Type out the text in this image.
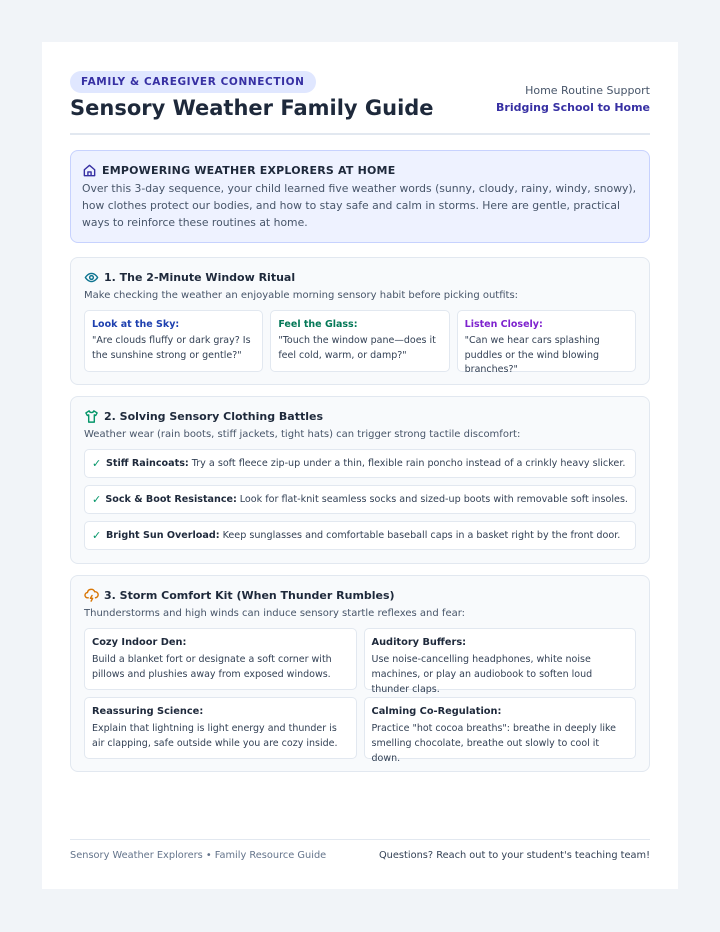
FAMILY & CAREGIVER CONNECTION
Sensory Weather Family Guide
Home Routine Support
Bridging School to Home
EMPOWERING WEATHER EXPLORERS AT HOME

Over this 3-day sequence, your child learned five weather words (sunny, cloudy, rainy, windy, snowy), how clothes protect our bodies, and how to stay safe and calm in storms. Here are gentle, practical ways to reinforce these routines at home.

1. The 2-Minute Window Ritual
Make checking the weather an enjoyable morning sensory habit before picking outfits:
Look at the Sky:
"Are clouds fluffy or dark gray? Is the sunshine strong or gentle?"
Feel the Glass:
"Touch the window pane—does it feel cold, warm, or damp?"
Listen Closely:
"Can we hear cars splashing puddles or the wind blowing branches?"
2. Solving Sensory Clothing Battles
Weather wear (rain boots, stiff jackets, tight hats) can trigger strong tactile discomfort:
✓ Stiff Raincoats: Try a soft fleece zip-up under a thin, flexible rain poncho instead of a crinkly heavy slicker.
✓ Sock & Boot Resistance: Look for flat-knit seamless socks and sized-up boots with removable soft insoles.
✓ Bright Sun Overload: Keep sunglasses and comfortable baseball caps in a basket right by the front door.
3. Storm Comfort Kit (When Thunder Rumbles)
Thunderstorms and high winds can induce sensory startle reflexes and fear:
Cozy Indoor Den:
Build a blanket fort or designate a soft corner with pillows and plushies away from exposed windows.
Auditory Buffers:
Use noise-cancelling headphones, white noise machines, or play an audiobook to soften loud thunder claps.
Reassuring Science:
Explain that lightning is light energy and thunder is air clapping, safe outside while you are cozy inside.
Calming Co-Regulation:
Practice "hot cocoa breaths": breathe in deeply like smelling chocolate, breathe out slowly to cool it down.
Sensory Weather Explorers • Family Resource Guide	Questions? Reach out to your student's teaching team!
